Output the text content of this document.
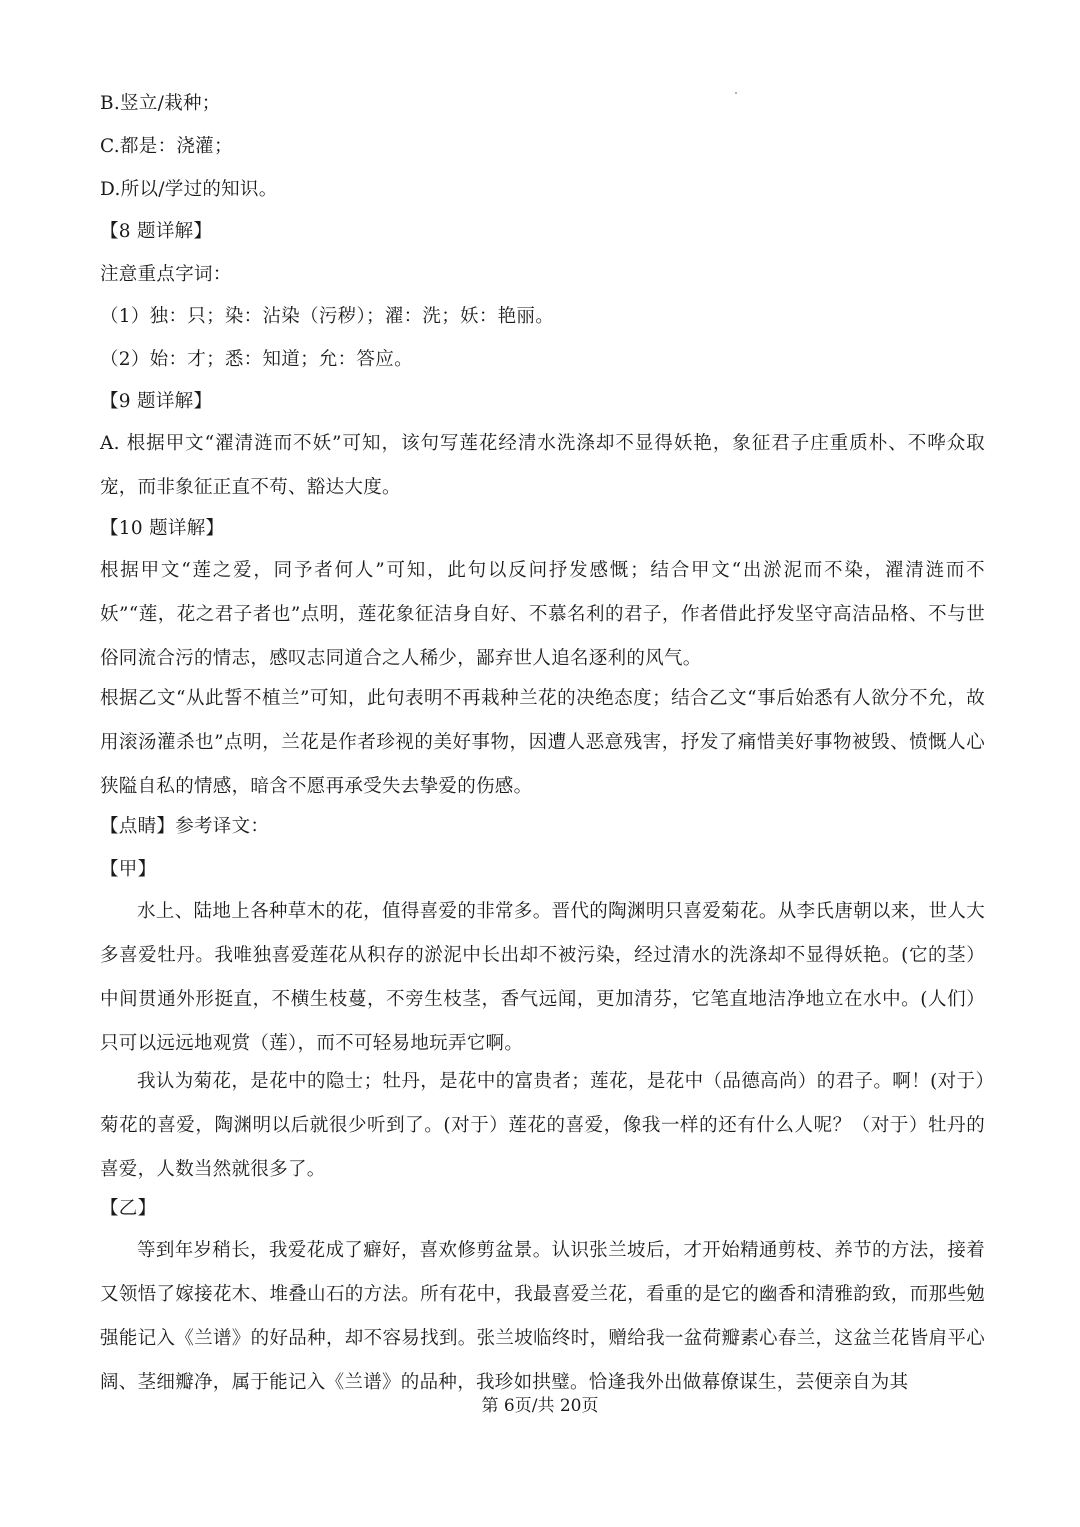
B.竖立/栽种；
C.都是：浇灌；
D.所以/学过的知识。
【8 题详解】
注意重点字词：
（1）独：只；染：沾染（污秽）；濯：洗；妖：艳丽。
（2）始：才；悉：知道；允：答应。
【9 题详解】
A. 根据甲文“濯清涟而不妖”可知，该句写莲花经清水洗涤却不显得妖艳，象征君子庄重质朴、不哗众取宠，而非象征正直不苟、豁达大度。
【10 题详解】
根据甲文“莲之爱，同予者何人”可知，此句以反问抒发感慨；结合甲文“出淤泥而不染，濯清涟而不妖”“莲，花之君子者也”点明，莲花象征洁身自好、不慕名利的君子，作者借此抒发坚守高洁品格、不与世俗同流合污的情志，感叹志同道合之人稀少，鄙弃世人追名逐利的风气。
根据乙文“从此誓不植兰”可知，此句表明不再栽种兰花的决绝态度；结合乙文“事后始悉有人欲分不允，故用滚汤灌杀也”点明，兰花是作者珍视的美好事物，因遭人恶意残害，抒发了痛惜美好事物被毁、愤慨人心狭隘自私的情感，暗含不愿再承受失去挚爱的伤感。
【点睛】参考译文：
【甲】
水上、陆地上各种草木的花，值得喜爱的非常多。晋代的陶渊明只喜爱菊花。从李氏唐朝以来，世人大多喜爱牡丹。我唯独喜爱莲花从积存的淤泥中长出却不被污染，经过清水的洗涤却不显得妖艳。(它的茎）中间贯通外形挺直，不横生枝蔓，不旁生枝茎，香气远闻，更加清芬，它笔直地洁净地立在水中。(人们）只可以远远地观赏（莲），而不可轻易地玩弄它啊。
我认为菊花，是花中的隐士；牡丹，是花中的富贵者；莲花，是花中（品德高尚）的君子。啊！(对于）菊花的喜爱，陶渊明以后就很少听到了。(对于）莲花的喜爱，像我一样的还有什么人呢？（对于）牡丹的喜爱，人数当然就很多了。
【乙】
等到年岁稍长，我爱花成了癖好，喜欢修剪盆景。认识张兰坡后，才开始精通剪枝、养节的方法，接着又领悟了嫁接花木、堆叠山石的方法。所有花中，我最喜爱兰花，看重的是它的幽香和清雅韵致，而那些勉强能记入《兰谱》的好品种，却不容易找到。张兰坡临终时，赠给我一盆荷瓣素心春兰，这盆兰花皆肩平心阔、茎细瓣净，属于能记入《兰谱》的品种，我珍如拱璧。恰逢我外出做幕僚谋生，芸便亲自为其
第 6页/共 20页
